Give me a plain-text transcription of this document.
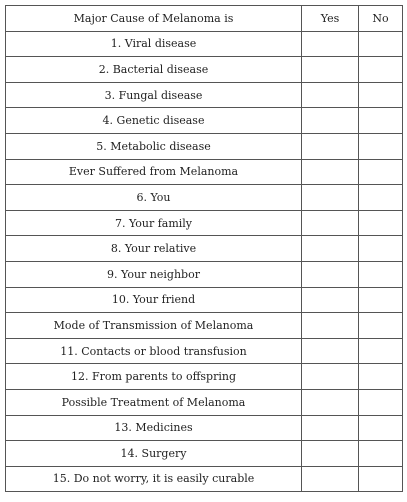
Major Cause of Melanoma is	Yes	No
1. Viral disease		
2. Bacterial disease		
3. Fungal disease		
4. Genetic disease		
5. Metabolic disease		
Ever Suffered from Melanoma		
6. You		
7. Your family		
8. Your relative		
9. Your neighbor		
10. Your friend		
Mode of Transmission of Melanoma		
11. Contacts or blood transfusion		
12. From parents to offspring		
Possible Treatment of Melanoma		
13. Medicines		
14. Surgery		
15. Do not worry, it is easily curable		
